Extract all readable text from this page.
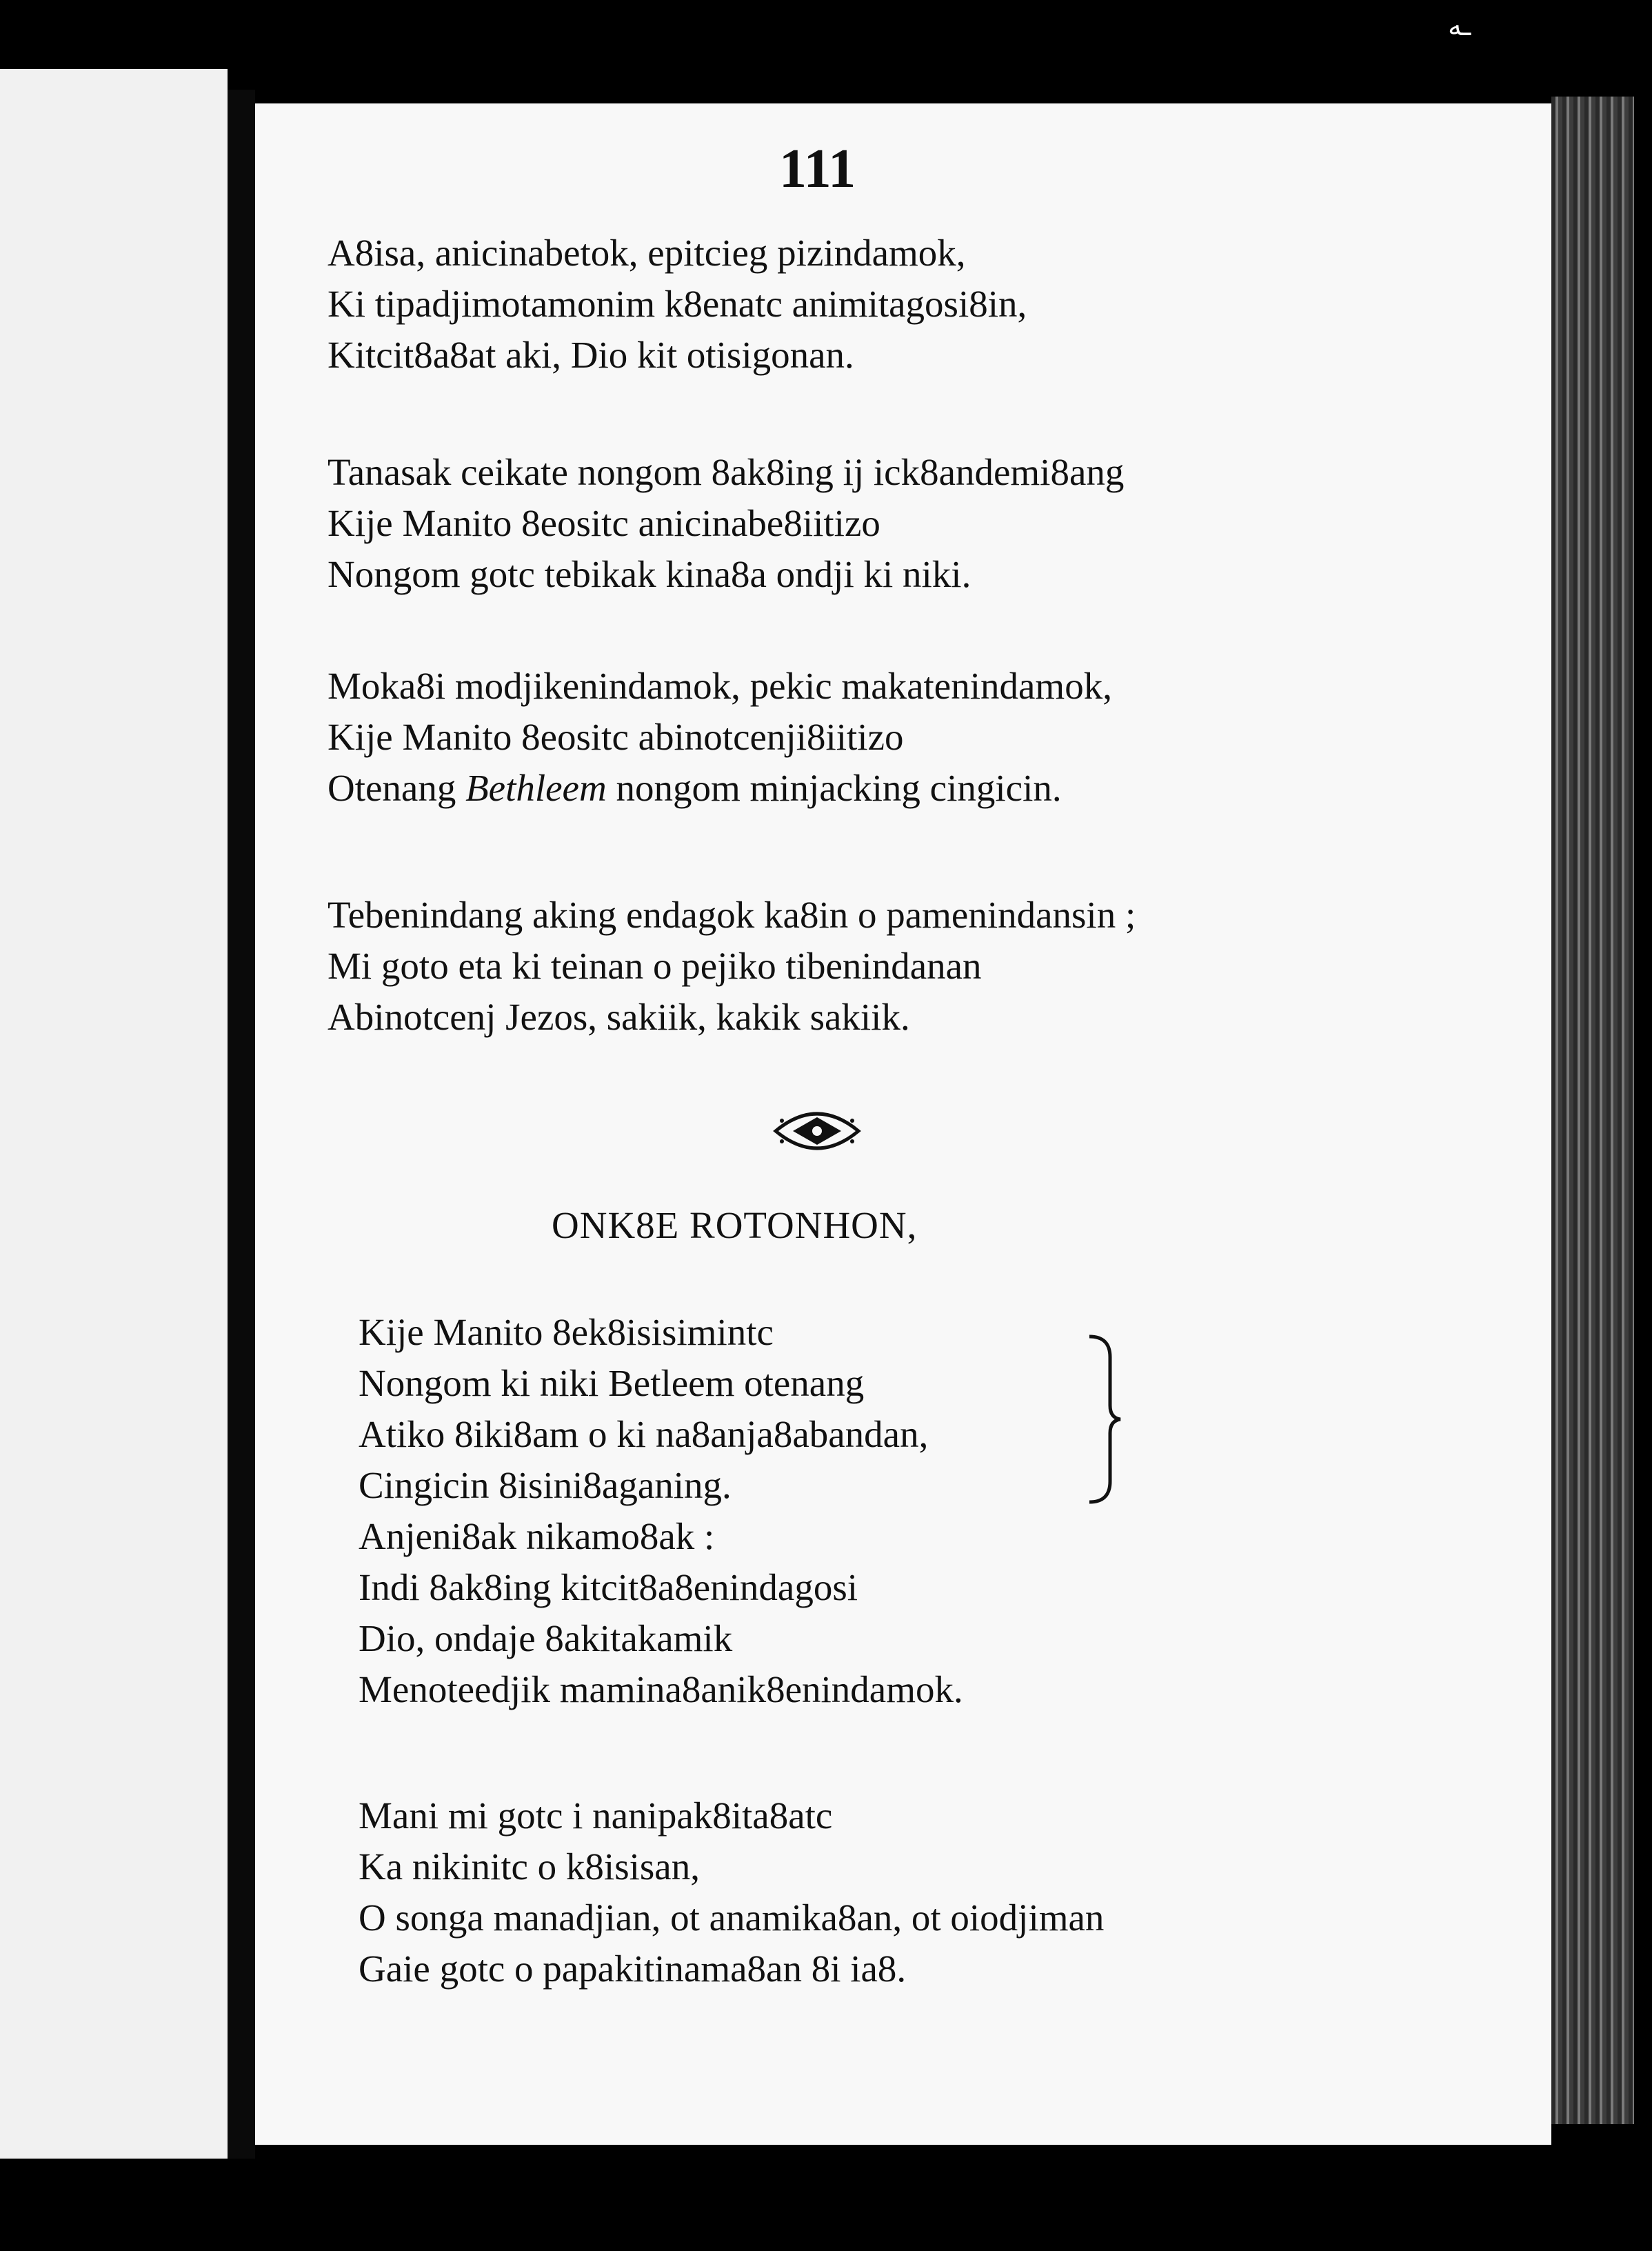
ـه
111

A8isa, anicinabetok, epitcieg pizindamok,
Ki tipadjimotamonim k8enatc animitagosi8in,
Kitcit8a8at aki, Dio kit otisigonan.

Tanasak ceikate nongom 8ak8ing ij ick8andemi8ang
Kije Manito 8eositc anicinabe8iitizo
Nongom gotc tebikak kina8a ondji ki niki.

Moka8i modjikenindamok, pekic makatenindamok,
Kije Manito 8eositc abinotcenji8iitizo
Otenang Bethleem nongom minjacking cingicin.

Tebenindang aking endagok ka8in o pamenindansin ;
Mi goto eta ki teinan o pejiko tibenindanan
Abinotcenj Jezos, sakiik, kakik sakiik.

ONK8E ROTONHON,

Kije Manito 8ek8isisimintc
Nongom ki niki Betleem otenang
Atiko 8iki8am o ki na8anja8abandan,
Cingicin 8isini8aganing.
Anjeni8ak nikamo8ak :
Indi 8ak8ing kitcit8a8enindagosi
Dio, ondaje 8akitakamik
Menoteedjik mamina8anik8enindamok.

Mani mi gotc i nanipak8ita8atc
Ka nikinitc o k8isisan,
O songa manadjian, ot anamika8an, ot oiodjiman
Gaie gotc o papakitinama8an 8i ia8.
